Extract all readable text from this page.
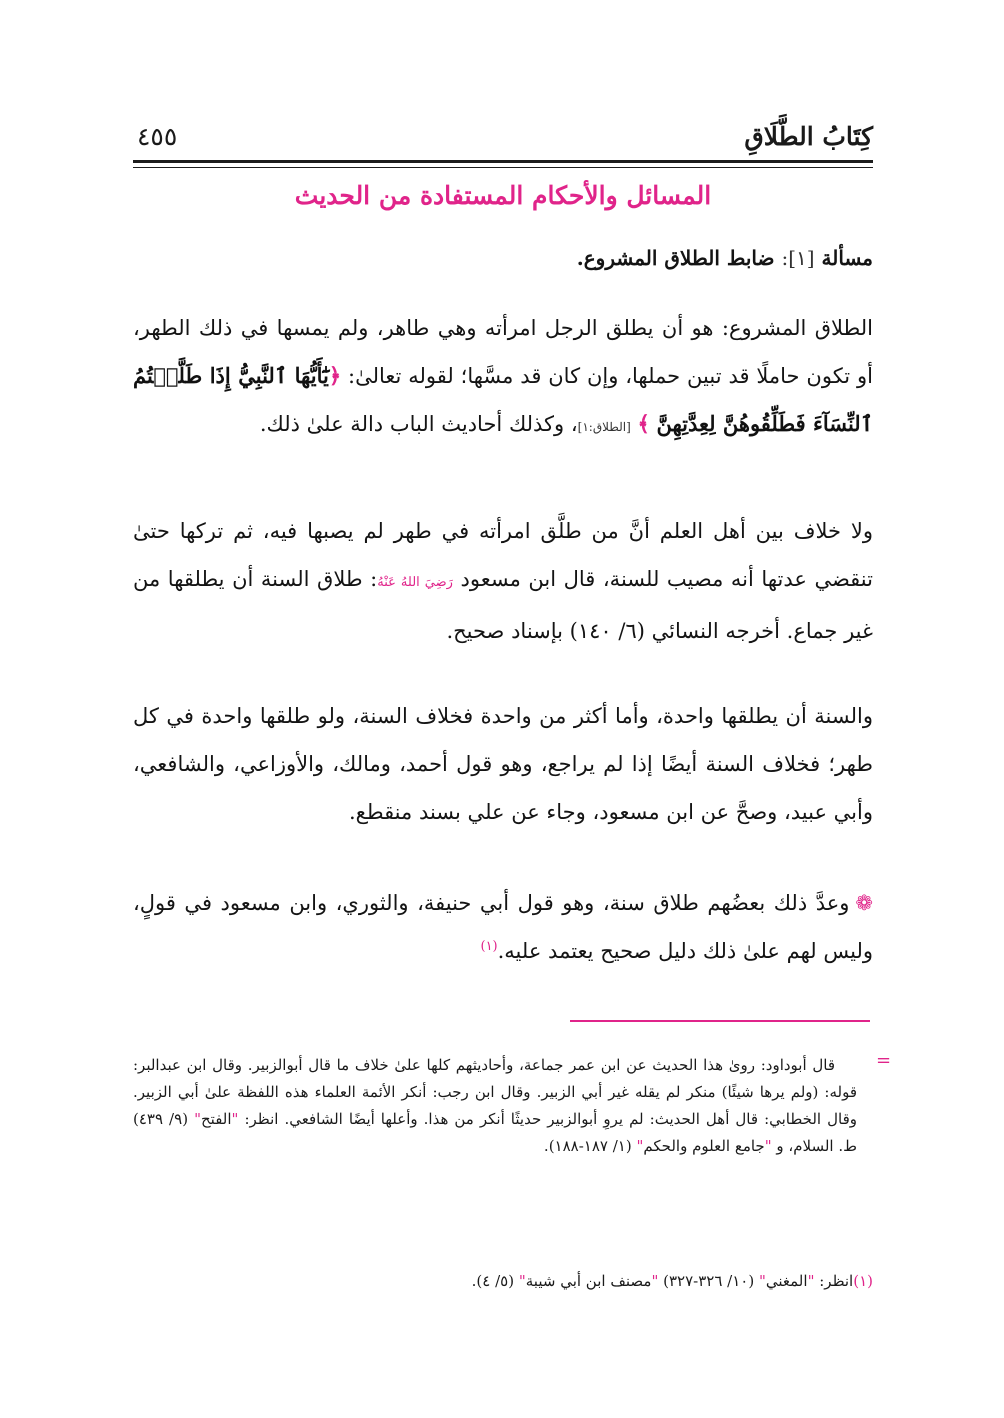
كِتَابُ الطَّلَاقِ
٤٥٥
المسائل والأحكام المستفادة من الحديث
مسألة [١]: ضابط الطلاق المشروع.

الطلاق المشروع: هو أن يطلق الرجل امرأته وهي طاهر، ولم يمسها في ذلك الطهر، أو تكون حاملًا قد تبين حملها، وإن كان قد مسَّها؛ لقوله تعالىٰ: ﴿يَٰٓأَيُّهَا ٱلنَّبِيُّ إِذَا طَلَّقۡتُمُ ٱلنِّسَآءَ فَطَلِّقُوهُنَّ لِعِدَّتِهِنَّ ﴾ [الطلاق:١]، وكذلك أحاديث الباب دالة علىٰ ذلك.

ولا خلاف بين أهل العلم أنَّ من طلَّق امرأته في طهر لم يصبها فيه، ثم تركها حتىٰ تنقضي عدتها أنه مصيب للسنة، قال ابن مسعود رَضِيَ اللهُ عَنْهُ: طلاق السنة أن يطلقها من غير جماع. أخرجه النسائي (٦/ ١٤٠) بإسناد صحيح.

والسنة أن يطلقها واحدة، وأما أكثر من واحدة فخلاف السنة، ولو طلقها واحدة في كل طهر؛ فخلاف السنة أيضًا إذا لم يراجع، وهو قول أحمد، ومالك، والأوزاعي، والشافعي، وأبي عبيد، وصحَّ عن ابن مسعود، وجاء عن علي بسند منقطع.

❁وعدَّ ذلك بعضُهم طلاق سنة، وهو قول أبي حنيفة، والثوري، وابن مسعود في قولٍ، وليس لهم علىٰ ذلك دليل صحيح يعتمد عليه.$^{(١)}$

=

قال أبوداود: رویٰ هذا الحديث عن ابن عمر جماعة، وأحاديثهم كلها علىٰ خلاف ما قال أبوالزبير. وقال ابن عبدالبر: قوله: (ولم يرها شيئًا) منكر لم يقله غير أبي الزبير. وقال ابن رجب: أنكر الأئمة العلماء هذه اللفظة علىٰ أبي الزبير. وقال الخطابي: قال أهل الحديث: لم يروِ أبوالزبير حديثًا أنكر من هذا. وأعلها أيضًا الشافعي. انظر: "الفتح" (٩/ ٤٣٩) ط. السلام، و "جامع العلوم والحكم" (١/ ١٨٧-١٨٨).

(١)انظر: "المغني" (١٠/ ٣٢٦-٣٢٧) "مصنف ابن أبي شيبة" (٥/ ٤).
